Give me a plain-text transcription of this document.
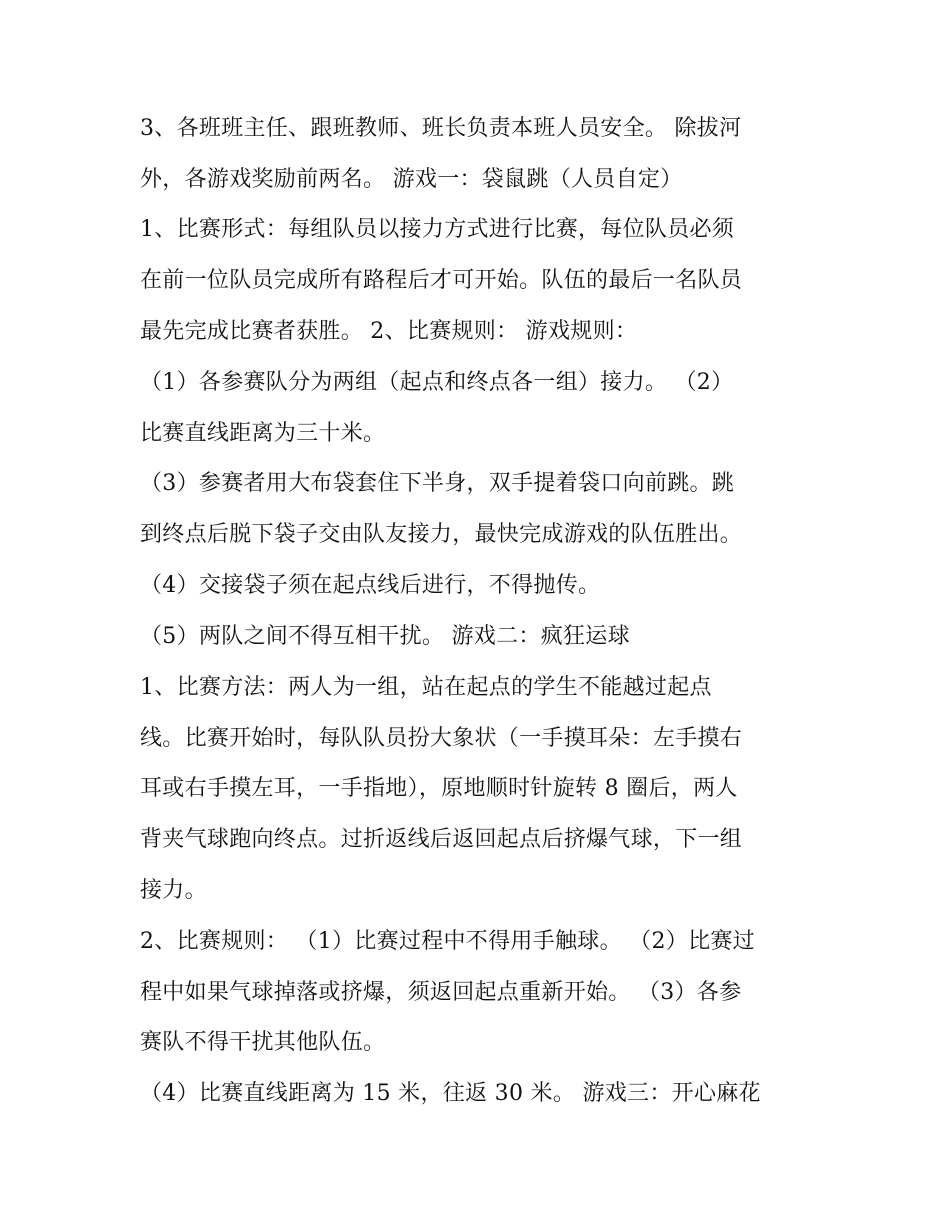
3、各班班主任、跟班教师、班长负责本班人员安全。 除拔河
外，各游戏奖励前两名。 游戏一：袋鼠跳（人员自定）
1、比赛形式：每组队员以接力方式进行比赛，每位队员必须
在前一位队员完成所有路程后才可开始。队伍的最后一名队员
最先完成比赛者获胜。 2、比赛规则： 游戏规则：
（1）各参赛队分为两组（起点和终点各一组）接力。 （2）
比赛直线距离为三十米。
（3）参赛者用大布袋套住下半身，双手提着袋口向前跳。跳
到终点后脱下袋子交由队友接力，最快完成游戏的队伍胜出。
（4）交接袋子须在起点线后进行，不得抛传。
（5）两队之间不得互相干扰。 游戏二：疯狂运球
1、比赛方法：两人为一组，站在起点的学生不能越过起点
线。比赛开始时，每队队员扮大象状（一手摸耳朵：左手摸右
耳或右手摸左耳，一手指地），原地顺时针旋转 8 圈后，两人
背夹气球跑向终点。过折返线后返回起点后挤爆气球，下一组
接力。
2、比赛规则： （1）比赛过程中不得用手触球。 （2）比赛过
程中如果气球掉落或挤爆，须返回起点重新开始。 （3）各参
赛队不得干扰其他队伍。
（4）比赛直线距离为 15 米，往返 30 米。 游戏三：开心麻花
